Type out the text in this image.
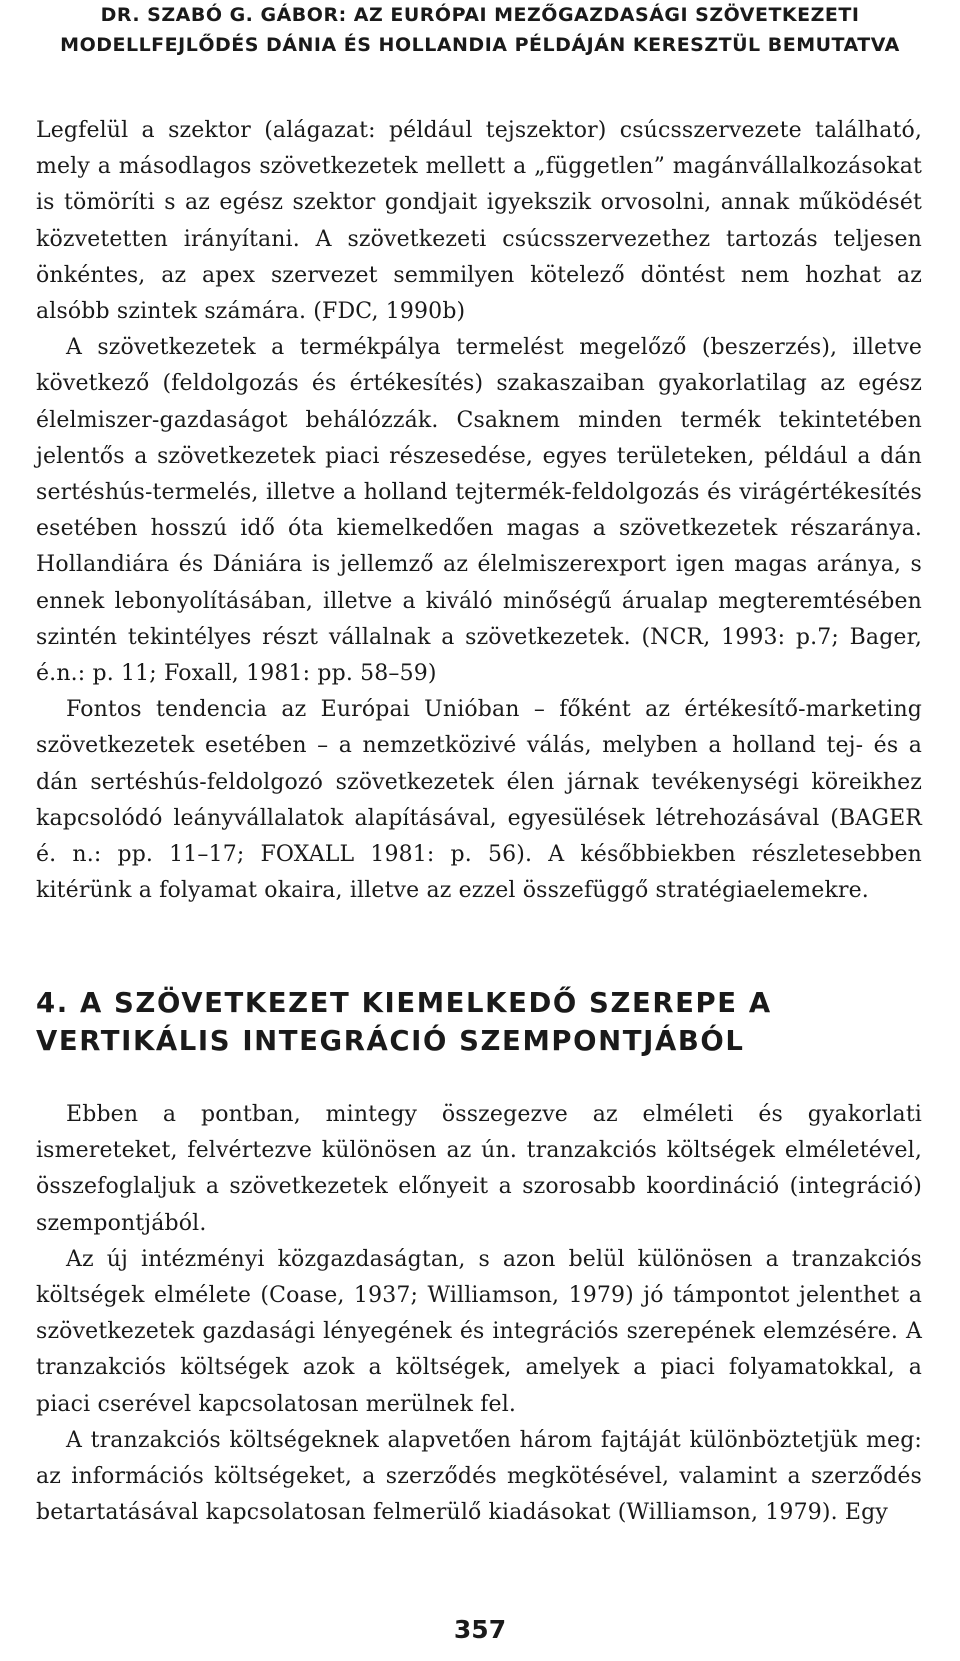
DR. SZABÓ G. GÁBOR: AZ EURÓPAI MEZŐGAZDASÁGI SZÖVETKEZETI
MODELLFEJLŐDÉS DÁNIA ÉS HOLLANDIA PÉLDÁJÁN KERESZTÜL BEMUTATVA

Legfelül a szektor (alágazat: például tejszektor) csúcsszervezete található, mely a másodlagos szövetkezetek mellett a „független” magánvállalkozásokat is tömöríti s az egész szektor gondjait igyekszik orvosolni, annak működését közvetetten irányítani. A szövetkezeti csúcsszervezethez tartozás teljesen önkéntes, az apex szervezet semmilyen kötelező döntést nem hozhat az alsóbb szintek számára. (FDC, 1990b)

A szövetkezetek a termékpálya termelést megelőző (beszerzés), illetve következő (feldolgozás és értékesítés) szakaszaiban gyakorlatilag az egész élelmiszer-gazdaságot behálózzák. Csaknem minden termék tekintetében jelentős a szövetkezetek piaci részesedése, egyes területeken, például a dán sertéshús-termelés, illetve a holland tejtermék-feldolgozás és virágértékesítés esetében hosszú idő óta kiemelkedően magas a szövetkezetek részaránya. Hollandiára és Dániára is jellemző az élelmiszerexport igen magas aránya, s ennek lebonyolításában, illetve a kiváló minőségű árualap megteremtésében szintén tekintélyes részt vállalnak a szövetkezetek. (NCR, 1993: p.7; Bager, é.n.: p. 11; Foxall, 1981: pp. 58–59)

Fontos tendencia az Európai Unióban – főként az értékesítő-marketing szövetkezetek esetében – a nemzetközivé válás, melyben a holland tej- és a dán sertéshús-feldolgozó szövetkezetek élen járnak tevékenységi köreikhez kapcsolódó leányvállalatok alapításával, egyesülések létrehozásával (BAGER é. n.: pp. 11–17; FOXALL 1981: p. 56). A későbbiekben részletesebben kitérünk a folyamat okaira, illetve az ezzel összefüggő stratégiaelemekre.

4. A SZÖVETKEZET KIEMELKEDŐ SZEREPE A
VERTIKÁLIS INTEGRÁCIÓ SZEMPONTJÁBÓL

Ebben a pontban, mintegy összegezve az elméleti és gyakorlati ismereteket, felvértezve különösen az ún. tranzakciós költségek elméletével, összefoglaljuk a szövetkezetek előnyeit a szorosabb koordináció (integráció) szempontjából.

Az új intézményi közgazdaságtan, s azon belül különösen a tranzakciós költségek elmélete (Coase, 1937; Williamson, 1979) jó támpontot jelenthet a szövetkezetek gazdasági lényegének és integrációs szerepének elemzésére. A tranzakciós költségek azok a költségek, amelyek a piaci folyamatokkal, a piaci cserével kapcsolatosan merülnek fel.

A tranzakciós költségeknek alapvetően három fajtáját különböztetjük meg: az információs költségeket, a szerződés megkötésével, valamint a szerződés betartatásával kapcsolatosan felmerülő kiadásokat (Williamson, 1979). Egy

357
